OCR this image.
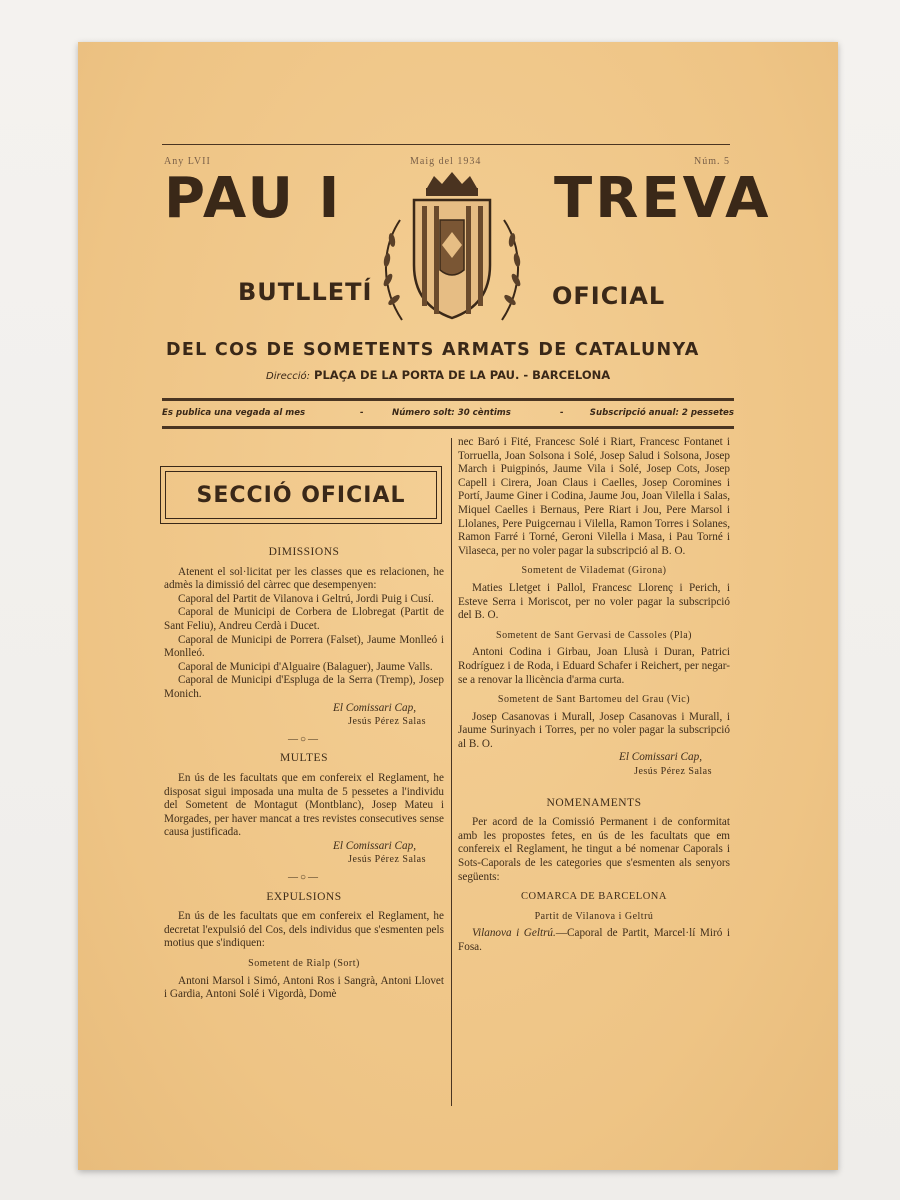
Any LVII	Maig del 1934	Núm. 5
PAU I	TREVA
BUTLLETÍ	OFICIAL
DEL COS DE SOMETENTS ARMATS DE CATALUNYA
Direcció: PLAÇA DE LA PORTA DE LA PAU. - BARCELONA
Es publica una vegada al mes	-	Número solt: 30 cèntims	-	Subscripció anual: 2 pessetes
SECCIÓ OFICIAL
DIMISSIONS

Atenent el sol·licitat per les classes que es relacionen, he admès la dimissió del càrrec que desempenyen:

Caporal del Partit de Vilanova i Geltrú, Jordi Puig i Cusí.
Caporal de Municipi de Corbera de Llobregat (Partit de Sant Feliu), Andreu Cerdà i Ducet.
Caporal de Municipi de Porrera (Falset), Jaume Monlleó i Monlleó.
Caporal de Municipi d'Alguaire (Balaguer), Jaume Valls.
Caporal de Municipi d'Espluga de la Serra (Tremp), Josep Monich.
El Comissari Cap,
Jesús Pérez Salas
—○—
MULTES

En ús de les facultats que em confereix el Reglament, he disposat sigui imposada una multa de 5 pessetes a l'individu del Sometent de Montagut (Montblanc), Josep Mateu i Morgades, per haver mancat a tres revistes consecutives sense causa justificada.

El Comissari Cap,
Jesús Pérez Salas
—○—
EXPULSIONS

En ús de les facultats que em confereix el Reglament, he decretat l'expulsió del Cos, dels individus que s'esmenten pels motius que s'indiquen:

Sometent de Rialp (Sort)

Antoni Marsol i Simó, Antoni Ros i Sangrà, Antoni Llovet i Gardia, Antoni Solé i Vigordà, Domè

nec Baró i Fité, Francesc Solé i Riart, Francesc Fontanet i Torruella, Joan Solsona i Solé, Josep Salud i Solsona, Josep March i Puigpinós, Jaume Vila i Solé, Josep Cots, Josep Capell i Cirera, Joan Claus i Caelles, Josep Coromines i Portí, Jaume Giner i Codina, Jaume Jou, Joan Vilella i Salas, Miquel Caelles i Bernaus, Pere Riart i Jou, Pere Marsol i Llolanes, Pere Puigcernau i Vilella, Ramon Torres i Solanes, Ramon Farré i Torné, Geroni Vilella i Masa, i Pau Torné i Vilaseca, per no voler pagar la subscripció al B. O.

Sometent de Vilademat (Girona)

Maties Lletget i Pallol, Francesc Llorenç i Perich, i Esteve Serra i Moriscot, per no voler pagar la subscripció del B. O.

Sometent de Sant Gervasi de Cassoles (Pla)

Antoni Codina i Girbau, Joan Llusà i Duran, Patrici Rodríguez i de Roda, i Eduard Schafer i Reichert, per negar-se a renovar la llicència d'arma curta.

Sometent de Sant Bartomeu del Grau (Vic)

Josep Casanovas i Murall, Josep Casanovas i Murall, i Jaume Surinyach i Torres, per no voler pagar la subscripció al B. O.

El Comissari Cap,
Jesús Pérez Salas
NOMENAMENTS

Per acord de la Comissió Permanent i de conformitat amb les propostes fetes, en ús de les facultats que em confereix el Reglament, he tingut a bé nomenar Caporals i Sots-Caporals de les categories que s'esmenten als senyors següents:

COMARCA DE BARCELONA
Partit de Vilanova i Geltrú

Vilanova i Geltrú.—Caporal de Partit, Marcel·lí Miró i Fosa.
